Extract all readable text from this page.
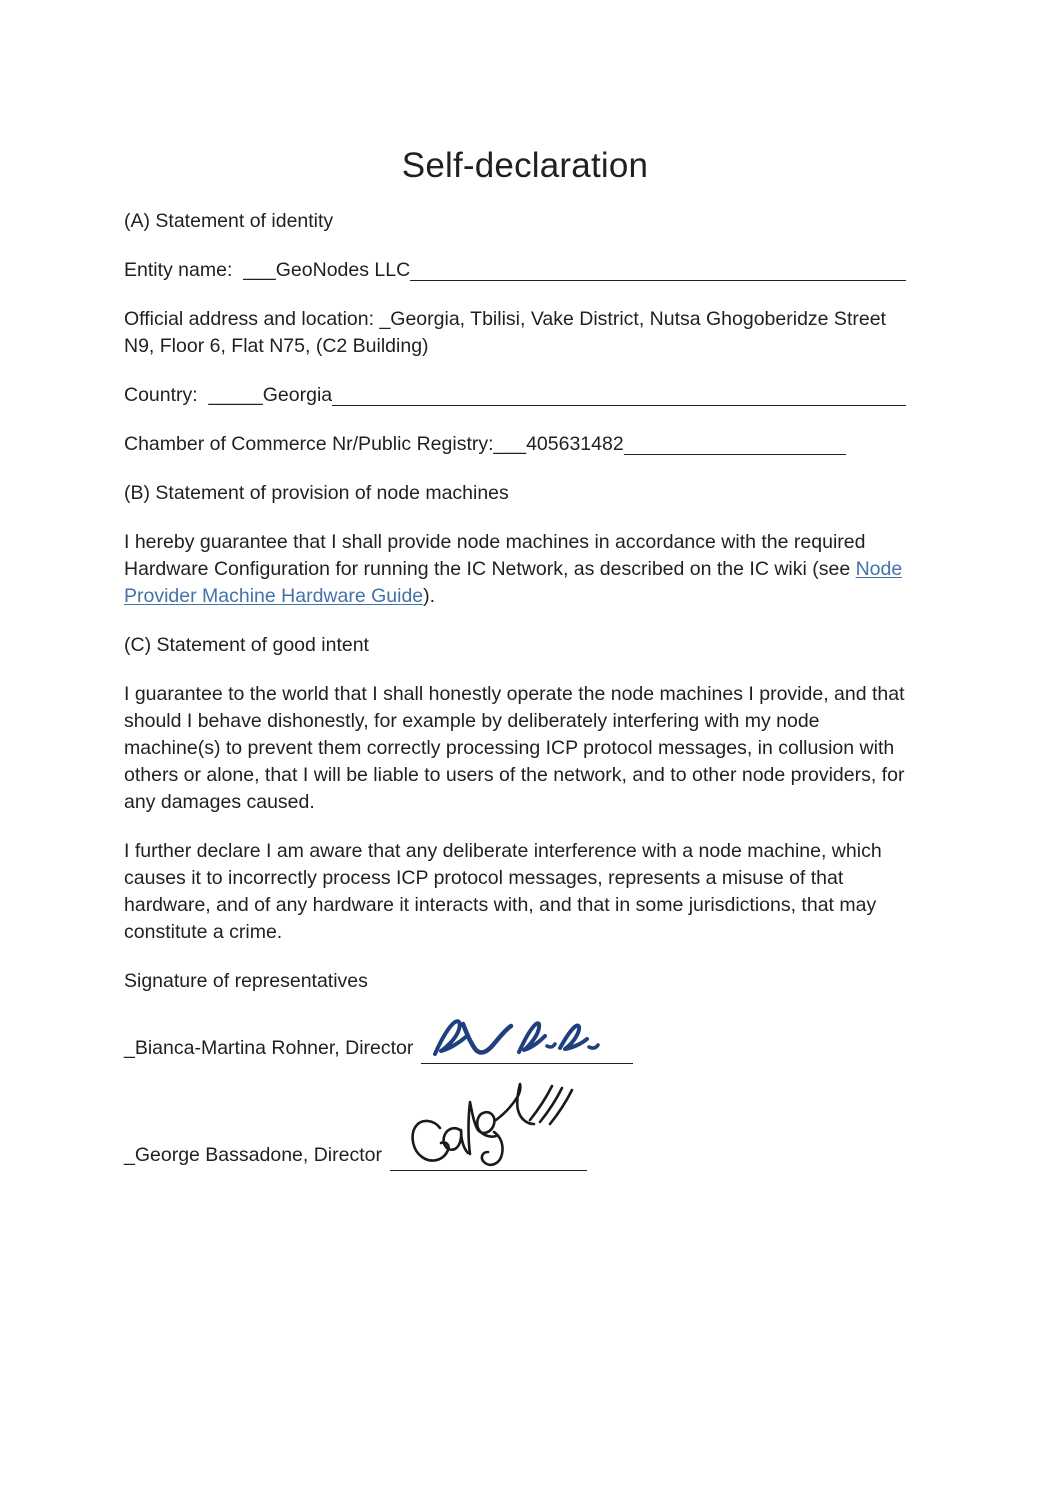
Self-declaration

(A) Statement of identity

Entity name:  ___ GeoNodes LLC

Official address and location: _Georgia, Tbilisi, Vake District, Nutsa Ghogoberidze Street N9, Floor 6, Flat N75, (C2 Building)

Country:  _____ Georgia
Chamber of Commerce Nr/Public Registry:___ 405631482

(B) Statement of provision of node machines

I hereby guarantee that I shall provide node machines in accordance with the required Hardware Configuration for running the IC Network, as described on the IC wiki (see Node Provider Machine Hardware Guide).

(C) Statement of good intent

I guarantee to the world that I shall honestly operate the node machines I provide, and that should I behave dishonestly, for example by deliberately interfering with my node machine(s) to prevent them correctly processing ICP protocol messages, in collusion with others or alone, that I will be liable to users of the network, and to other node providers, for any damages caused.

I further declare I am aware that any deliberate interference with a node machine, which causes it to incorrectly process ICP protocol messages, represents a misuse of that hardware, and of any hardware it interacts with, and that in some jurisdictions, that may constitute a crime.

Signature of representatives

_Bianca-Martina Rohner, Director
_George Bassadone, Director
